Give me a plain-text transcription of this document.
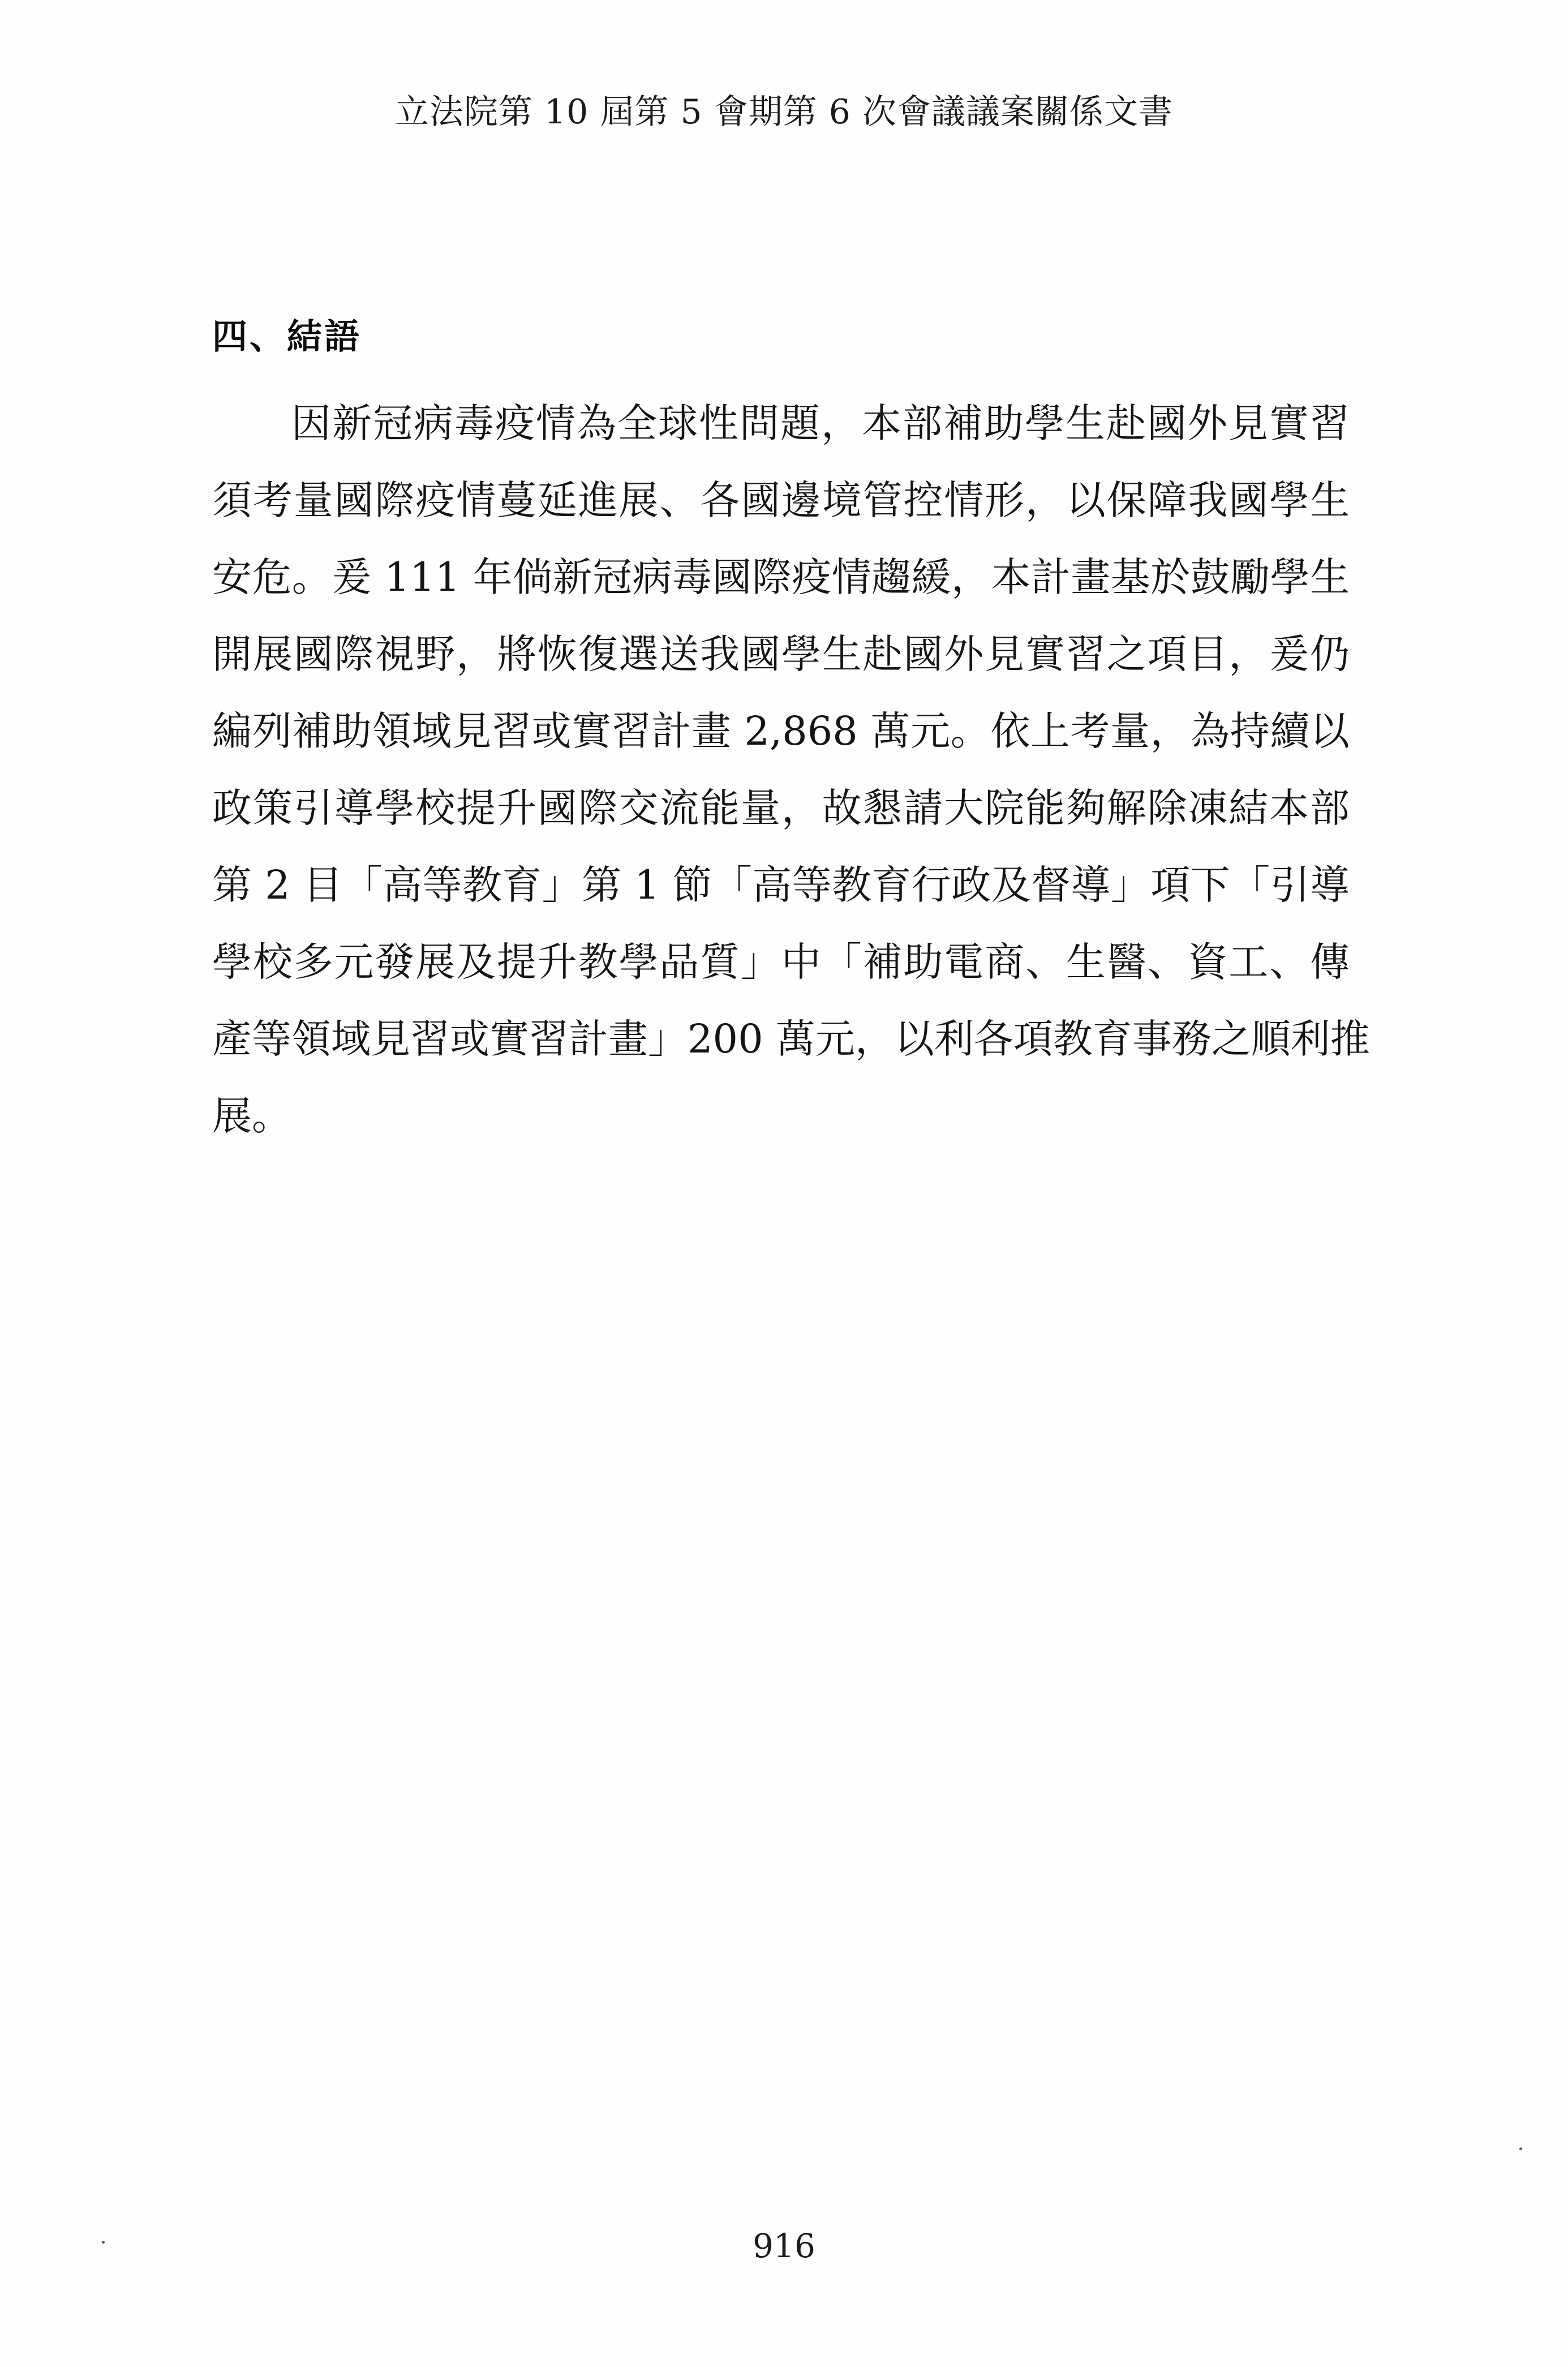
立法院第 10 屆第 5 會期第 6 次會議議案關係文書
四、結語
因新冠病毒疫情為全球性問題，本部補助學生赴國外見實習
須考量國際疫情蔓延進展、各國邊境管控情形，以保障我國學生
安危。爰 111 年倘新冠病毒國際疫情趨緩，本計畫基於鼓勵學生
開展國際視野，將恢復選送我國學生赴國外見實習之項目，爰仍
編列補助領域見習或實習計畫 2,868 萬元。依上考量，為持續以
政策引導學校提升國際交流能量，故懇請大院能夠解除凍結本部
第 2 目「高等教育」第 1 節「高等教育行政及督導」項下「引導
學校多元發展及提升教學品質」中「補助電商、生醫、資工、傳
產等領域見習或實習計畫」200 萬元，以利各項教育事務之順利推
展。
916
